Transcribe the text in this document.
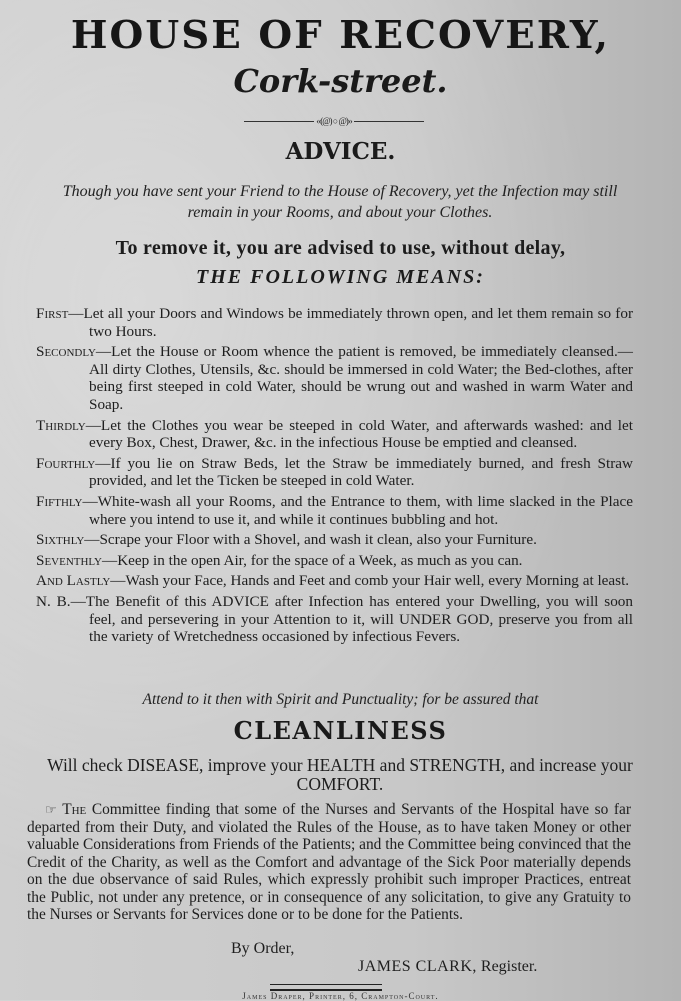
HOUSE OF RECOVERY,
Cork-street.
‹‹(@) ○ @)››
ADVICE.
Though you have sent your Friend to the House of Recovery, yet the Infection may still remain in your Rooms, and about your Clothes.
To remove it, you are advised to use, without delay,
THE FOLLOWING MEANS:
First—Let all your Doors and Windows be immediately thrown open, and let them remain so for two Hours.
Secondly—Let the House or Room whence the patient is removed, be immediately cleansed.—All dirty Clothes, Utensils, &c. should be immersed in cold Water; the Bed-clothes, after being first steeped in cold Water, should be wrung out and washed in warm Water and Soap.
Thirdly—Let the Clothes you wear be steeped in cold Water, and afterwards washed: and let every Box, Chest, Drawer, &c. in the infectious House be emptied and cleansed.
Fourthly—If you lie on Straw Beds, let the Straw be immediately burned, and fresh Straw provided, and let the Ticken be steeped in cold Water.
Fifthly—White-wash all your Rooms, and the Entrance to them, with lime slacked in the Place where you intend to use it, and while it continues bubbling and hot.
Sixthly—Scrape your Floor with a Shovel, and wash it clean, also your Furniture.
Seventhly—Keep in the open Air, for the space of a Week, as much as you can.
And Lastly—Wash your Face, Hands and Feet and comb your Hair well, every Morning at least.
N. B.—The Benefit of this ADVICE after Infection has entered your Dwelling, you will soon feel, and persevering in your Attention to it, will UNDER GOD, preserve you from all the variety of Wretchedness occasioned by infectious Fevers.
Attend to it then with Spirit and Punctuality; for be assured that
CLEANLINESS
Will check DISEASE, improve your HEALTH and STRENGTH, and increase your COMFORT.
☞ The Committee finding that some of the Nurses and Servants of the Hospital have so far departed from their Duty, and violated the Rules of the House, as to have taken Money or other valuable Considerations from Friends of the Patients; and the Committee being convinced that the Credit of the Charity, as well as the Comfort and advantage of the Sick Poor materially depends on the due observance of said Rules, which expressly prohibit such improper Practices, entreat the Public, not under any pretence, or in consequence of any solicitation, to give any Gratuity to the Nurses or Servants for Services done or to be done for the Patients.
By Order,
JAMES CLARK, Register.
James Draper, Printer, 6, Crampton-Court.
